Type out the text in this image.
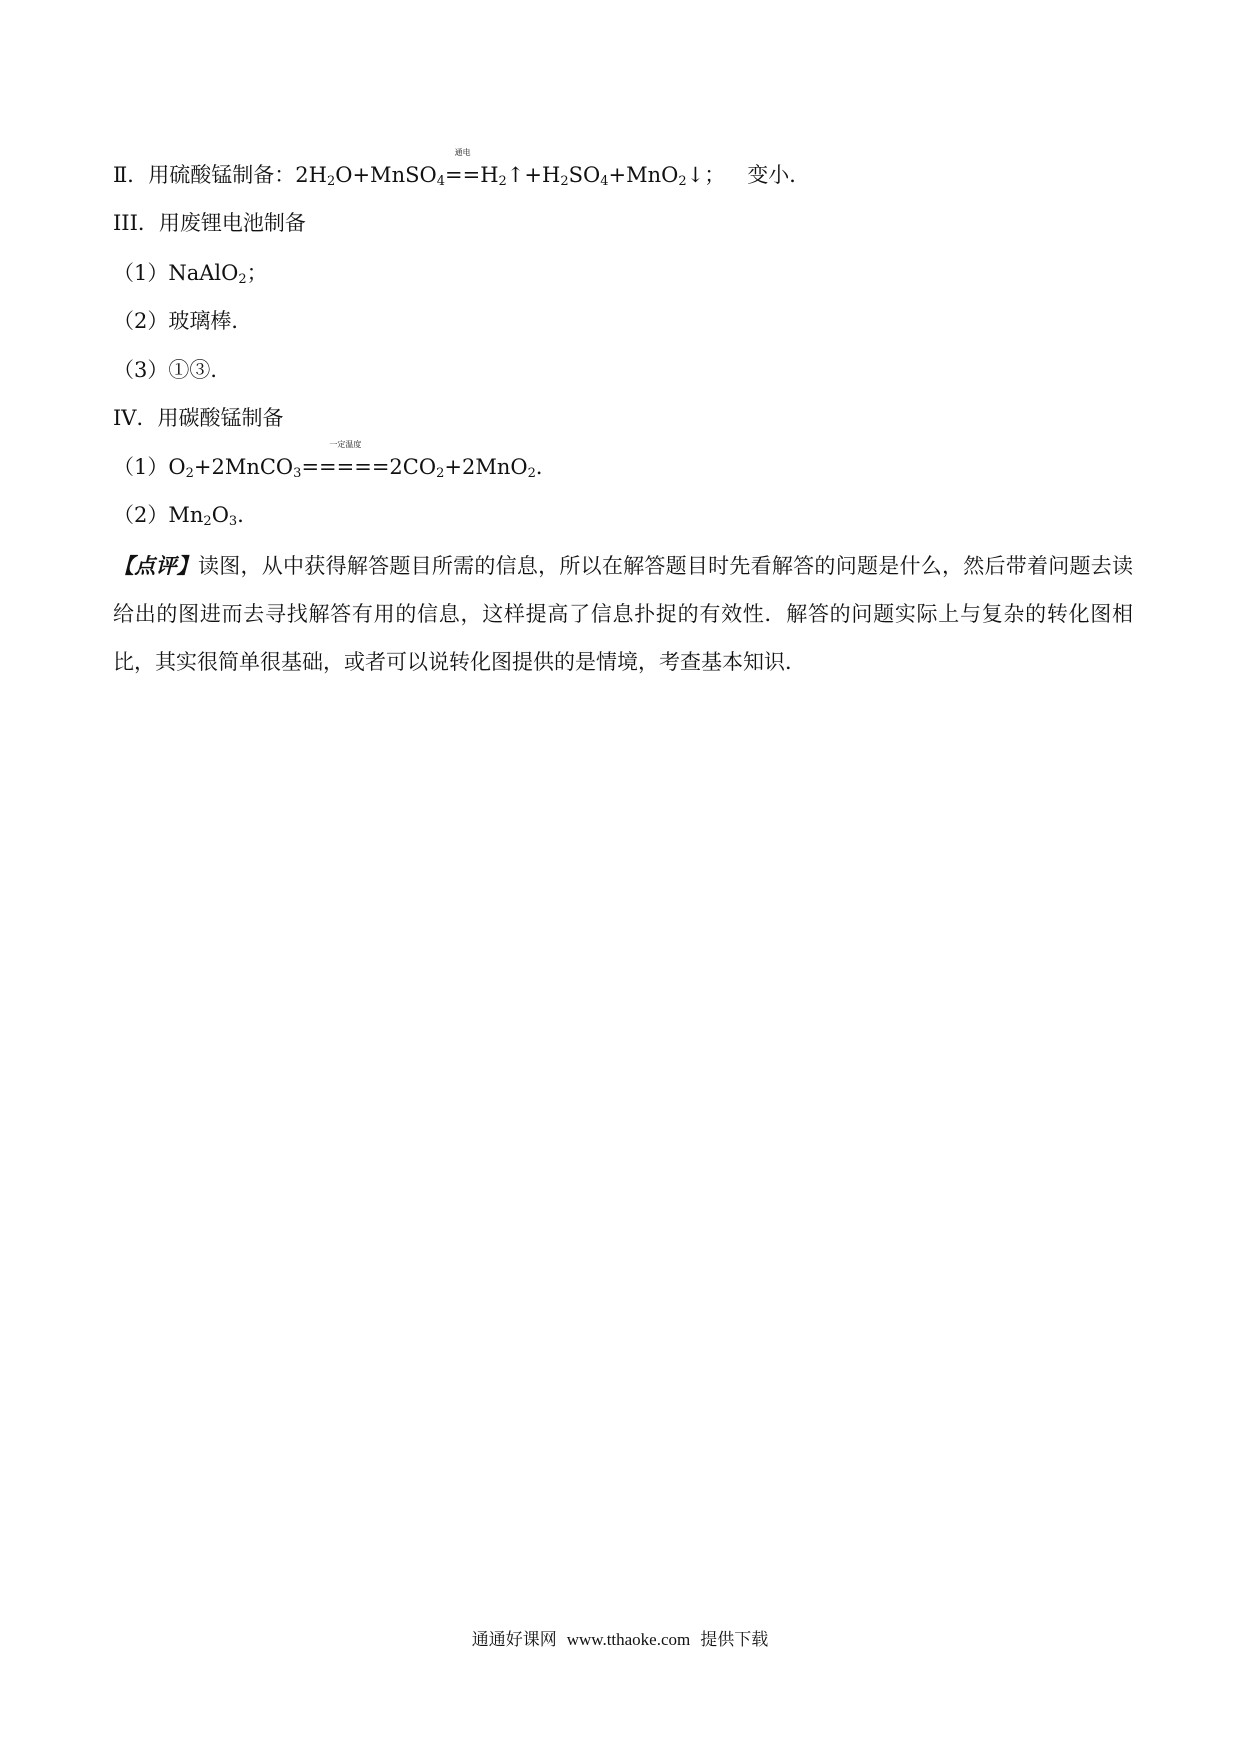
Ⅱ．用硫酸锰制备：$2H_2O+MnSO_4$
通电
$==H_2↑+H_2SO_4+MnO_2↓$； 变小．
III．用废锂电池制备
（1）NaAlO$_2$；
（2）玻璃棒．
（3）①③．
IV．用碳酸锰制备
$(1)O_2+2MnCO_3$
一定温度
$=====2CO_2+2MnO_2$．
$(2)Mn_2O_3$．
【点评】读图，从中获得解答题目所需的信息，所以在解答题目时先看解答的问题是什么，然后带着问题去读给出的图进而去寻找解答有用的信息，这样提高了信息扑捉的有效性．解答的问题实际上与复杂的转化图相比，其实很简单很基础，或者可以说转化图提供的是情境，考查基本知识．
通通好课网 www.tthaoke.com 提供下载
